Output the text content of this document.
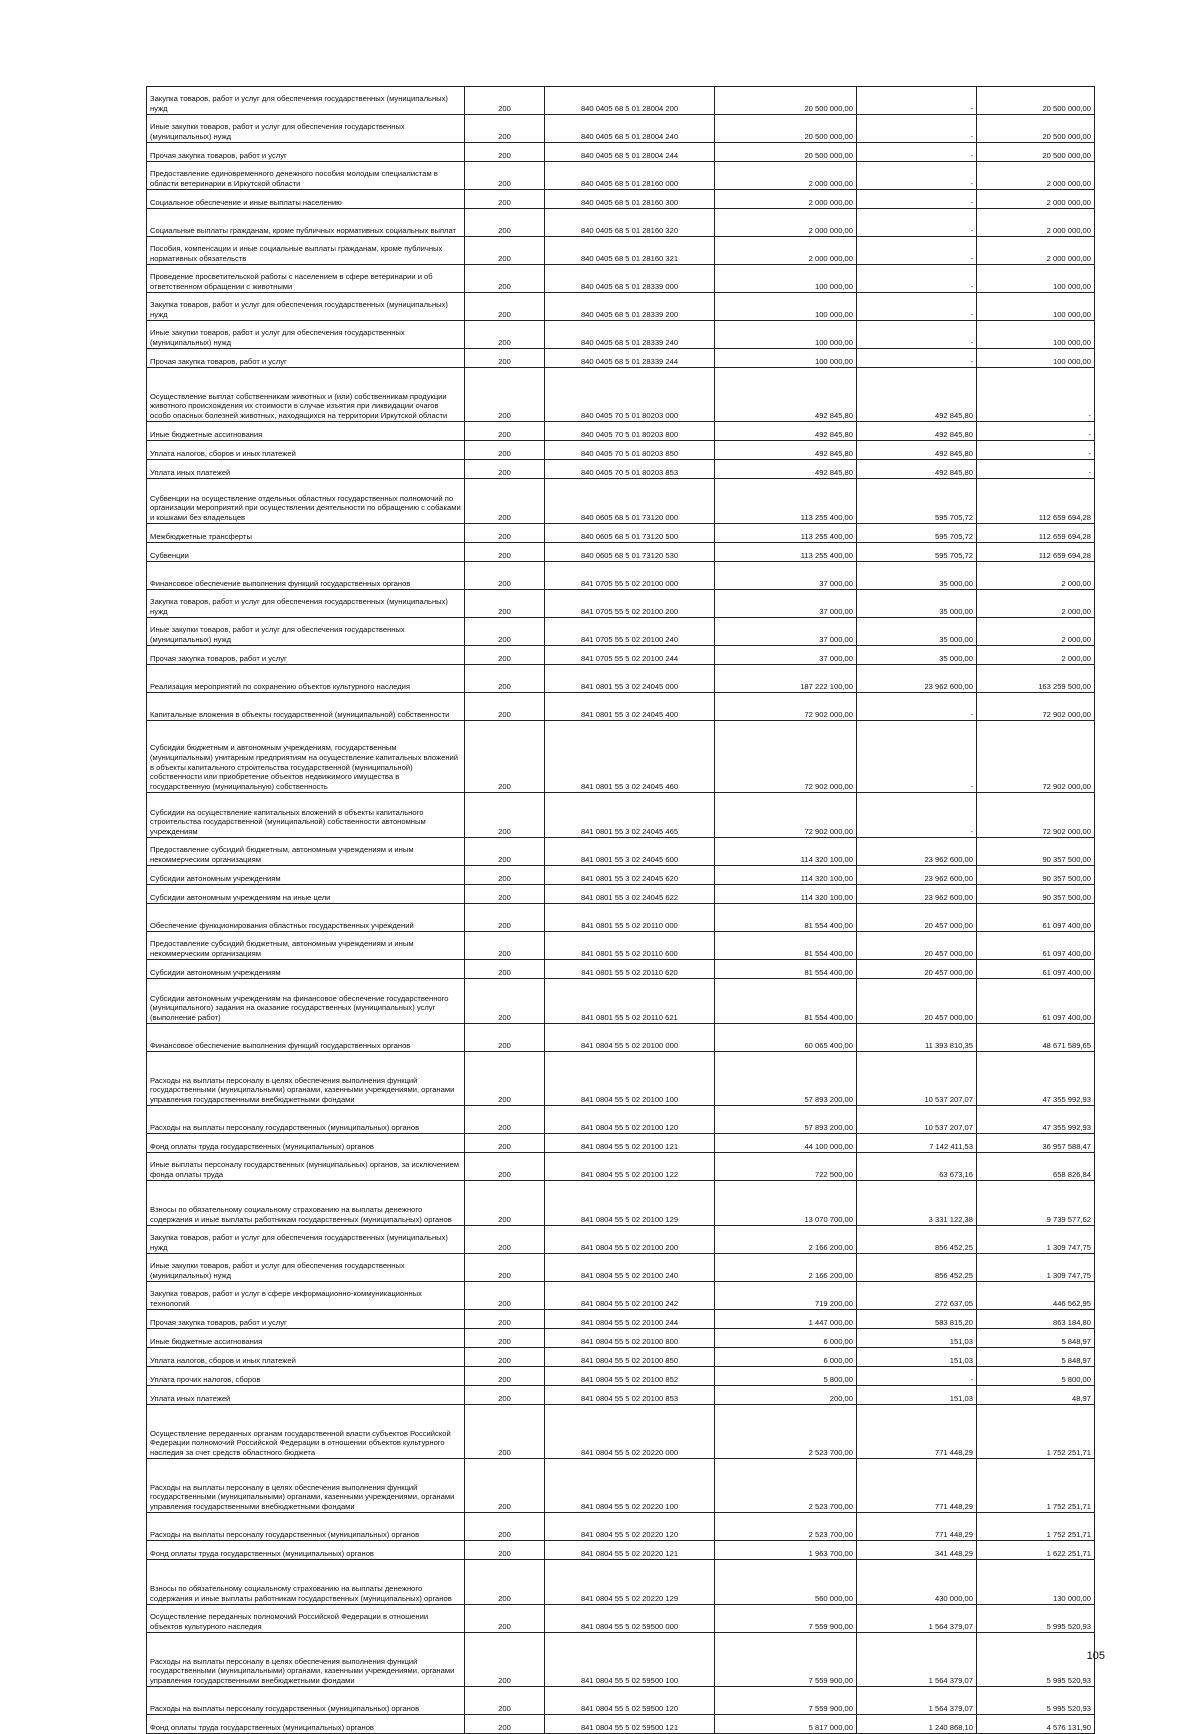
Закупка товаров, работ и услуг для обеспечения государственных (муниципальных) нужд	200	840 0405 68 5 01 28004 200	20 500 000,00	-	20 500 000,00
Иные закупки товаров, работ и услуг для обеспечения государственных (муниципальных) нужд	200	840 0405 68 5 01 28004 240	20 500 000,00	-	20 500 000,00
Прочая закупка товаров, работ и услуг	200	840 0405 68 5 01 28004 244	20 500 000,00	-	20 500 000,00
Предоставление единовременного денежного пособия молодым специалистам в области ветеринарии в Иркутской области	200	840 0405 68 5 01 28160 000	2 000 000,00	-	2 000 000,00
Социальное обеспечение и иные выплаты населению	200	840 0405 68 5 01 28160 300	2 000 000,00	-	2 000 000,00
Социальные выплаты гражданам, кроме публичных нормативных социальных выплат	200	840 0405 68 5 01 28160 320	2 000 000,00	-	2 000 000,00
Пособия, компенсации и иные социальные выплаты гражданам, кроме публичных нормативных обязательств	200	840 0405 68 5 01 28160 321	2 000 000,00	-	2 000 000,00
Проведение просветительской работы с населением в сфере ветеринарии и об ответственном обращении с животными	200	840 0405 68 5 01 28339 000	100 000,00	-	100 000,00
Закупка товаров, работ и услуг для обеспечения государственных (муниципальных) нужд	200	840 0405 68 5 01 28339 200	100 000,00	-	100 000,00
Иные закупки товаров, работ и услуг для обеспечения государственных (муниципальных) нужд	200	840 0405 68 5 01 28339 240	100 000,00	-	100 000,00
Прочая закупка товаров, работ и услуг	200	840 0405 68 5 01 28339 244	100 000,00	-	100 000,00
Осуществление выплат собственникам животных и (или) собственникам продукции животного происхождения их стоимости в случае изъятия при ликвидации очагов особо опасных болезней животных, находящихся на территории Иркутской области	200	840 0405 70 5 01 80203 000	492 845,80	492 845,80	-
Иные бюджетные ассигнования	200	840 0405 70 5 01 80203 800	492 845,80	492 845,80	-
Уплата налогов, сборов и иных платежей	200	840 0405 70 5 01 80203 850	492 845,80	492 845,80	-
Уплата иных платежей	200	840 0405 70 5 01 80203 853	492 845,80	492 845,80	-
Субвенции на осуществление отдельных областных государственных полномочий по организации мероприятий при осуществлении деятельности по обращению с собаками и кошками без владельцев	200	840 0605 68 5 01 73120 000	113 255 400,00	595 705,72	112 659 694,28
Межбюджетные трансферты	200	840 0605 68 5 01 73120 500	113 255 400,00	595 705,72	112 659 694,28
Субвенции	200	840 0605 68 5 01 73120 530	113 255 400,00	595 705,72	112 659 694,28
Финансовое обеспечение выполнения функций государственных органов	200	841 0705 55 5 02 20100 000	37 000,00	35 000,00	2 000,00
Закупка товаров, работ и услуг для обеспечения государственных (муниципальных) нужд	200	841 0705 55 5 02 20100 200	37 000,00	35 000,00	2 000,00
Иные закупки товаров, работ и услуг для обеспечения государственных (муниципальных) нужд	200	841 0705 55 5 02 20100 240	37 000,00	35 000,00	2 000,00
Прочая закупка товаров, работ и услуг	200	841 0705 55 5 02 20100 244	37 000,00	35 000,00	2 000,00
Реализация мероприятий по сохранению объектов культурного наследия	200	841 0801 55 3 02 24045 000	187 222 100,00	23 962 600,00	163 259 500,00
Капитальные вложения в объекты государственной (муниципальной) собственности	200	841 0801 55 3 02 24045 400	72 902 000,00	-	72 902 000,00
Субсидии бюджетным и автономным учреждениям, государственным (муниципальным) унитарным предприятиям на осуществление капитальных вложений в объекты капитального строительства государственной (муниципальной) собственности или приобретение объектов недвижимого имущества в государственную (муниципальную) собственность	200	841 0801 55 3 02 24045 460	72 902 000,00	-	72 902 000,00
Субсидии на осуществление капитальных вложений в объекты капитального строительства государственной (муниципальной) собственности автономным учреждениям	200	841 0801 55 3 02 24045 465	72 902 000,00	-	72 902 000,00
Предоставление субсидий бюджетным, автономным учреждениям и иным некоммерческим организациям	200	841 0801 55 3 02 24045 600	114 320 100,00	23 962 600,00	90 357 500,00
Субсидии автономным учреждениям	200	841 0801 55 3 02 24045 620	114 320 100,00	23 962 600,00	90 357 500,00
Субсидии автономным учреждениям на иные цели	200	841 0801 55 3 02 24045 622	114 320 100,00	23 962 600,00	90 357 500,00
Обеспечение функционирования областных государственных учреждений	200	841 0801 55 5 02 20110 000	81 554 400,00	20 457 000,00	61 097 400,00
Предоставление субсидий бюджетным, автономным учреждениям и иным некоммерческим организациям	200	841 0801 55 5 02 20110 600	81 554 400,00	20 457 000,00	61 097 400,00
Субсидии автономным учреждениям	200	841 0801 55 5 02 20110 620	81 554 400,00	20 457 000,00	61 097 400,00
Субсидии автономным учреждениям на финансовое обеспечение государственного (муниципального) задания на оказание государственных (муниципальных) услуг (выполнение работ)	200	841 0801 55 5 02 20110 621	81 554 400,00	20 457 000,00	61 097 400,00
Финансовое обеспечение выполнения функций государственных органов	200	841 0804 55 5 02 20100 000	60 065 400,00	11 393 810,35	48 671 589,65
Расходы на выплаты персоналу в целях обеспечения выполнения функций государственными (муниципальными) органами, казенными учреждениями, органами управления государственными внебюджетными фондами	200	841 0804 55 5 02 20100 100	57 893 200,00	10 537 207,07	47 355 992,93
Расходы на выплаты персоналу государственных (муниципальных) органов	200	841 0804 55 5 02 20100 120	57 893 200,00	10 537 207,07	47 355 992,93
Фонд оплаты труда государственных (муниципальных) органов	200	841 0804 55 5 02 20100 121	44 100 000,00	7 142 411,53	36 957 588,47
Иные выплаты персоналу государственных (муниципальных) органов, за исключением фонда оплаты труда	200	841 0804 55 5 02 20100 122	722 500,00	63 673,16	658 826,84
Взносы по обязательному социальному страхованию на выплаты денежного содержания и иные выплаты работникам государственных (муниципальных) органов	200	841 0804 55 5 02 20100 129	13 070 700,00	3 331 122,38	9 739 577,62
Закупка товаров, работ и услуг для обеспечения государственных (муниципальных) нужд	200	841 0804 55 5 02 20100 200	2 166 200,00	856 452,25	1 309 747,75
Иные закупки товаров, работ и услуг для обеспечения государственных (муниципальных) нужд	200	841 0804 55 5 02 20100 240	2 166 200,00	856 452,25	1 309 747,75
Закупка товаров, работ и услуг в сфере информационно-коммуникационных технологий	200	841 0804 55 5 02 20100 242	719 200,00	272 637,05	446 562,95
Прочая закупка товаров, работ и услуг	200	841 0804 55 5 02 20100 244	1 447 000,00	583 815,20	863 184,80
Иные бюджетные ассигнования	200	841 0804 55 5 02 20100 800	6 000,00	151,03	5 848,97
Уплата налогов, сборов и иных платежей	200	841 0804 55 5 02 20100 850	6 000,00	151,03	5 848,97
Уплата прочих налогов, сборов	200	841 0804 55 5 02 20100 852	5 800,00	-	5 800,00
Уплата иных платежей	200	841 0804 55 5 02 20100 853	200,00	151,03	48,97
Осуществление переданных органам государственной власти субъектов Российской Федерации полномочий Российской Федерации в отношении объектов культурного наследия за счет средств областного бюджета	200	841 0804 55 5 02 20220 000	2 523 700,00	771 448,29	1 752 251,71
Расходы на выплаты персоналу в целях обеспечения выполнения функций государственными (муниципальными) органами, казенными учреждениями, органами управления государственными внебюджетными фондами	200	841 0804 55 5 02 20220 100	2 523 700,00	771 448,29	1 752 251,71
Расходы на выплаты персоналу государственных (муниципальных) органов	200	841 0804 55 5 02 20220 120	2 523 700,00	771 448,29	1 752 251,71
Фонд оплаты труда государственных (муниципальных) органов	200	841 0804 55 5 02 20220 121	1 963 700,00	341 448,29	1 622 251,71
Взносы по обязательному социальному страхованию на выплаты денежного содержания и иные выплаты работникам государственных (муниципальных) органов	200	841 0804 55 5 02 20220 129	560 000,00	430 000,00	130 000,00
Осуществление переданных полномочий Российской Федерации в отношении объектов культурного наследия	200	841 0804 55 5 02 59500 000	7 559 900,00	1 564 379,07	5 995 520,93
Расходы на выплаты персоналу в целях обеспечения выполнения функций государственными (муниципальными) органами, казенными учреждениями, органами управления государственными внебюджетными фондами	200	841 0804 55 5 02 59500 100	7 559 900,00	1 564 379,07	5 995 520,93
Расходы на выплаты персоналу государственных (муниципальных) органов	200	841 0804 55 5 02 59500 120	7 559 900,00	1 564 379,07	5 995 520,93
Фонд оплаты труда государственных (муниципальных) органов	200	841 0804 55 5 02 59500 121	5 817 000,00	1 240 868,10	4 576 131,90
105
